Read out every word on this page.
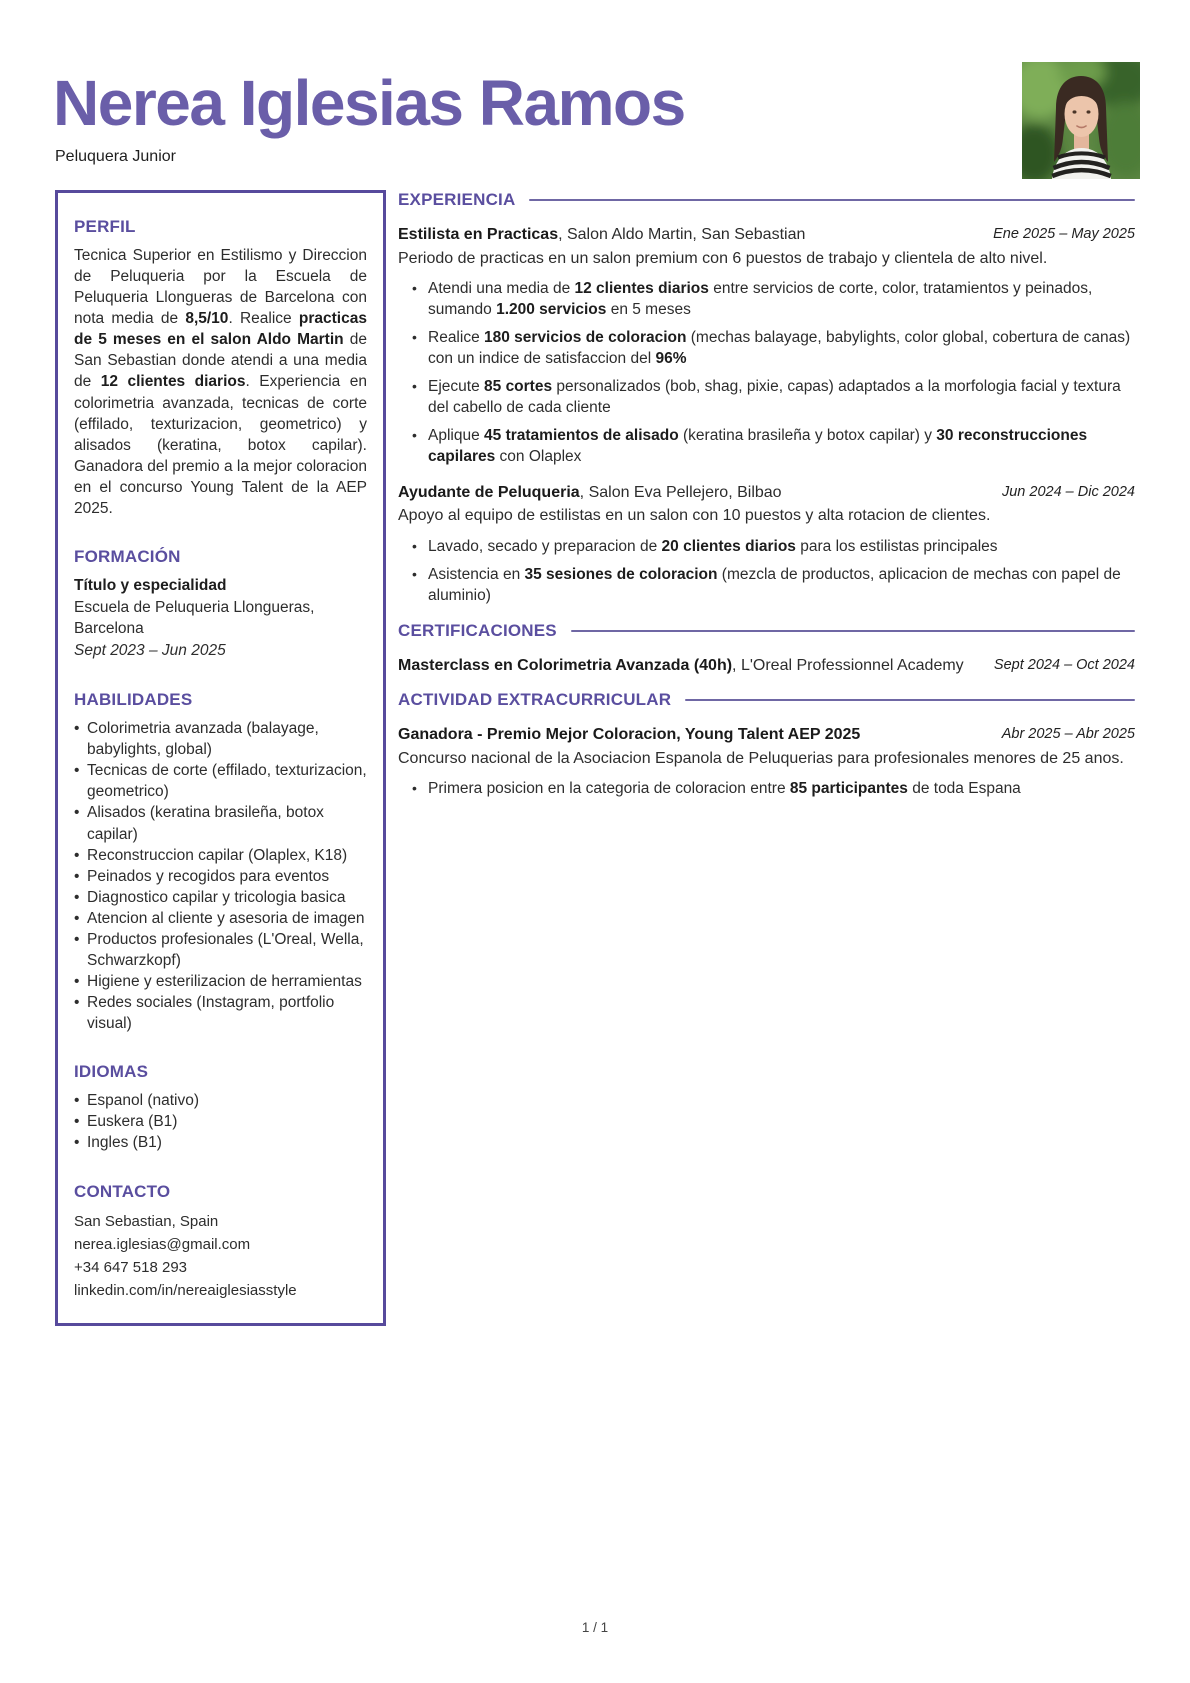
Nerea Iglesias Ramos
Peluquera Junior
PERFIL

Tecnica Superior en Estilismo y Direccion de Peluqueria por la Escuela de Peluqueria Llongueras de Barcelona con nota media de 8,5/10. Realice practicas de 5 meses en el salon Aldo Martin de San Sebastian donde atendi a una media de 12 clientes diarios. Experiencia en colorimetria avanzada, tecnicas de corte (effilado, texturizacion, geometrico) y alisados (keratina, botox capilar). Ganadora del premio a la mejor coloracion en el concurso Young Talent de la AEP 2025.

FORMACIÓN
Título y especialidad
Escuela de Peluqueria Llongueras, Barcelona
Sept 2023 – Jun 2025
HABILIDADES
• Colorimetria avanzada (balayage, babylights, global)
• Tecnicas de corte (effilado, texturizacion, geometrico)
• Alisados (keratina brasileña, botox capilar)
• Reconstruccion capilar (Olaplex, K18)
• Peinados y recogidos para eventos
• Diagnostico capilar y tricologia basica
• Atencion al cliente y asesoria de imagen
• Productos profesionales (L'Oreal, Wella, Schwarzkopf)
• Higiene y esterilizacion de herramientas
• Redes sociales (Instagram, portfolio visual)
IDIOMAS
• Espanol (nativo)
• Euskera (B1)
• Ingles (B1)
CONTACTO
San Sebastian, Spain
nerea.iglesias@gmail.com
+34 647 518 293
linkedin.com/in/nereaiglesiasstyle
EXPERIENCIA
Estilista en Practicas, Salon Aldo Martin, San Sebastian	Ene 2025 – May 2025
Periodo de practicas en un salon premium con 6 puestos de trabajo y clientela de alto nivel.
• Atendi una media de 12 clientes diarios entre servicios de corte, color, tratamientos y peinados, sumando 1.200 servicios en 5 meses
• Realice 180 servicios de coloracion (mechas balayage, babylights, color global, cobertura de canas) con un indice de satisfaccion del 96%
• Ejecute 85 cortes personalizados (bob, shag, pixie, capas) adaptados a la morfologia facial y textura del cabello de cada cliente
• Aplique 45 tratamientos de alisado (keratina brasileña y botox capilar) y 30 reconstrucciones capilares con Olaplex
Ayudante de Peluqueria, Salon Eva Pellejero, Bilbao	Jun 2024 – Dic 2024
Apoyo al equipo de estilistas en un salon con 10 puestos y alta rotacion de clientes.
• Lavado, secado y preparacion de 20 clientes diarios para los estilistas principales
• Asistencia en 35 sesiones de coloracion (mezcla de productos, aplicacion de mechas con papel de aluminio)
CERTIFICACIONES
Masterclass en Colorimetria Avanzada (40h), L'Oreal Professionnel Academy Sept 2024 – Oct 2024
ACTIVIDAD EXTRACURRICULAR
Ganadora - Premio Mejor Coloracion, Young Talent AEP 2025	Abr 2025 – Abr 2025
Concurso nacional de la Asociacion Espanola de Peluquerias para profesionales menores de 25 anos.
• Primera posicion en la categoria de coloracion entre 85 participantes de toda Espana
1 / 1
